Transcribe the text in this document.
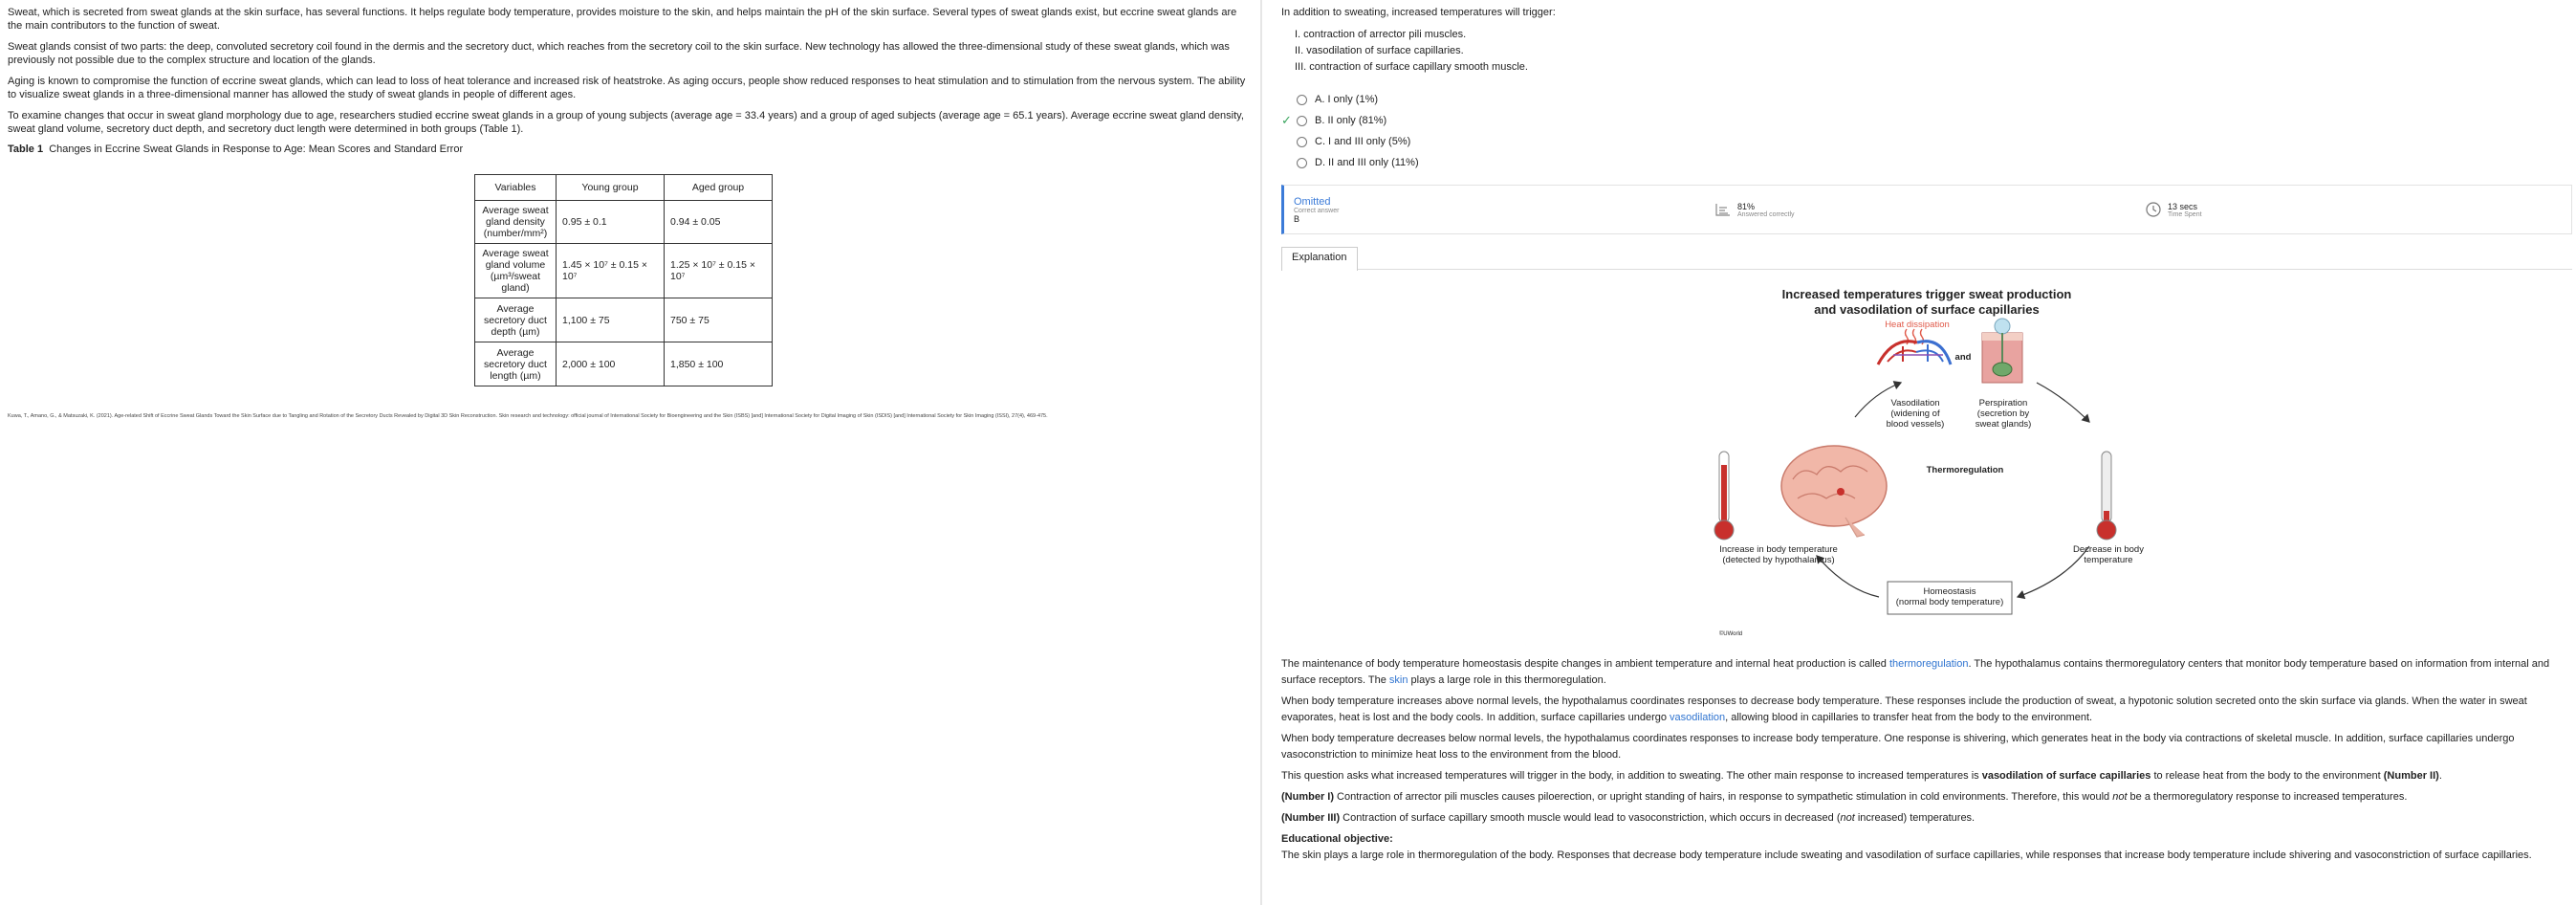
Sweat, which is secreted from sweat glands at the skin surface, has several functions. It helps regulate body temperature, provides moisture to the skin, and helps maintain the pH of the skin surface. Several types of sweat glands exist, but eccrine sweat glands are the main contributors to the function of sweat.

Sweat glands consist of two parts: the deep, convoluted secretory coil found in the dermis and the secretory duct, which reaches from the secretory coil to the skin surface. New technology has allowed the three-dimensional study of these sweat glands, which was previously not possible due to the complex structure and location of the glands.

Aging is known to compromise the function of eccrine sweat glands, which can lead to loss of heat tolerance and increased risk of heatstroke. As aging occurs, people show reduced responses to heat stimulation and to stimulation from the nervous system. The ability to visualize sweat glands in a three-dimensional manner has allowed the study of sweat glands in people of different ages.

To examine changes that occur in sweat gland morphology due to age, researchers studied eccrine sweat glands in a group of young subjects (average age = 33.4 years) and a group of aged subjects (average age = 65.1 years). Average eccrine sweat gland density, sweat gland volume, secretory duct depth, and secretory duct length were determined in both groups (Table 1).

Table 1 Changes in Eccrine Sweat Glands in Response to Age: Mean Scores and Standard Error
Variables	Young group	Aged group
Average sweat gland density (number/mm²)	0.95 ± 0.1	0.94 ± 0.05
Average sweat gland volume (µm³/sweat gland)	1.45 × 10⁷ ± 0.15 × 10⁷	1.25 × 10⁷ ± 0.15 × 10⁷
Average secretory duct depth (µm)	1,100 ± 75	750 ± 75
Average secretory duct length (µm)	2,000 ± 100	1,850 ± 100
Kuwa, T., Amano, G., & Matsuzaki, K. (2021). Age-related Shift of Eccrine Sweat Glands Toward the Skin Surface due to Tangling and Rotation of the Secretory Ducts Revealed by Digital 3D Skin Reconstruction. Skin research and technology: official journal of International Society for Bioengineering and the Skin (ISBS) [and] International Society for Digital Imaging of Skin (ISDIS) [and] International Society for Skin Imaging (ISSI), 27(4), 469-475.

In addition to sweating, increased temperatures will trigger:

I. contraction of arrector pili muscles.
II. vasodilation of surface capillaries.
III. contraction of surface capillary smooth muscle.
A. I only (1%)
✓	B. II only (81%)
C. I and III only (5%)
D. II and III only (11%)
Omitted
Correct answer
B
81%
Answered correctly
13 secs
Time Spent
Explanation
Increased temperatures trigger sweat production
and vasodilation of surface capillaries
Heat dissipation
and
Vasodilation
(widening of
blood vessels)
Perspiration
(secretion by
sweat glands)
Thermoregulation
Increase in body temperature
(detected by hypothalamus)
Decrease in body
temperature
Homeostasis
(normal body temperature)
©UWorld

The maintenance of body temperature homeostasis despite changes in ambient temperature and internal heat production is called thermoregulation. The hypothalamus contains thermoregulatory centers that monitor body temperature based on information from internal and surface receptors. The skin plays a large role in this thermoregulation.

When body temperature increases above normal levels, the hypothalamus coordinates responses to decrease body temperature. These responses include the production of sweat, a hypotonic solution secreted onto the skin surface via glands. When the water in sweat evaporates, heat is lost and the body cools. In addition, surface capillaries undergo vasodilation, allowing blood in capillaries to transfer heat from the body to the environment.

When body temperature decreases below normal levels, the hypothalamus coordinates responses to increase body temperature. One response is shivering, which generates heat in the body via contractions of skeletal muscle. In addition, surface capillaries undergo vasoconstriction to minimize heat loss to the environment from the blood.

This question asks what increased temperatures will trigger in the body, in addition to sweating. The other main response to increased temperatures is vasodilation of surface capillaries to release heat from the body to the environment (Number II).

(Number I) Contraction of arrector pili muscles causes piloerection, or upright standing of hairs, in response to sympathetic stimulation in cold environments. Therefore, this would not be a thermoregulatory response to increased temperatures.

(Number III) Contraction of surface capillary smooth muscle would lead to vasoconstriction, which occurs in decreased (not increased) temperatures.

Educational objective:

The skin plays a large role in thermoregulation of the body. Responses that decrease body temperature include sweating and vasodilation of surface capillaries, while responses that increase body temperature include shivering and vasoconstriction of surface capillaries.
